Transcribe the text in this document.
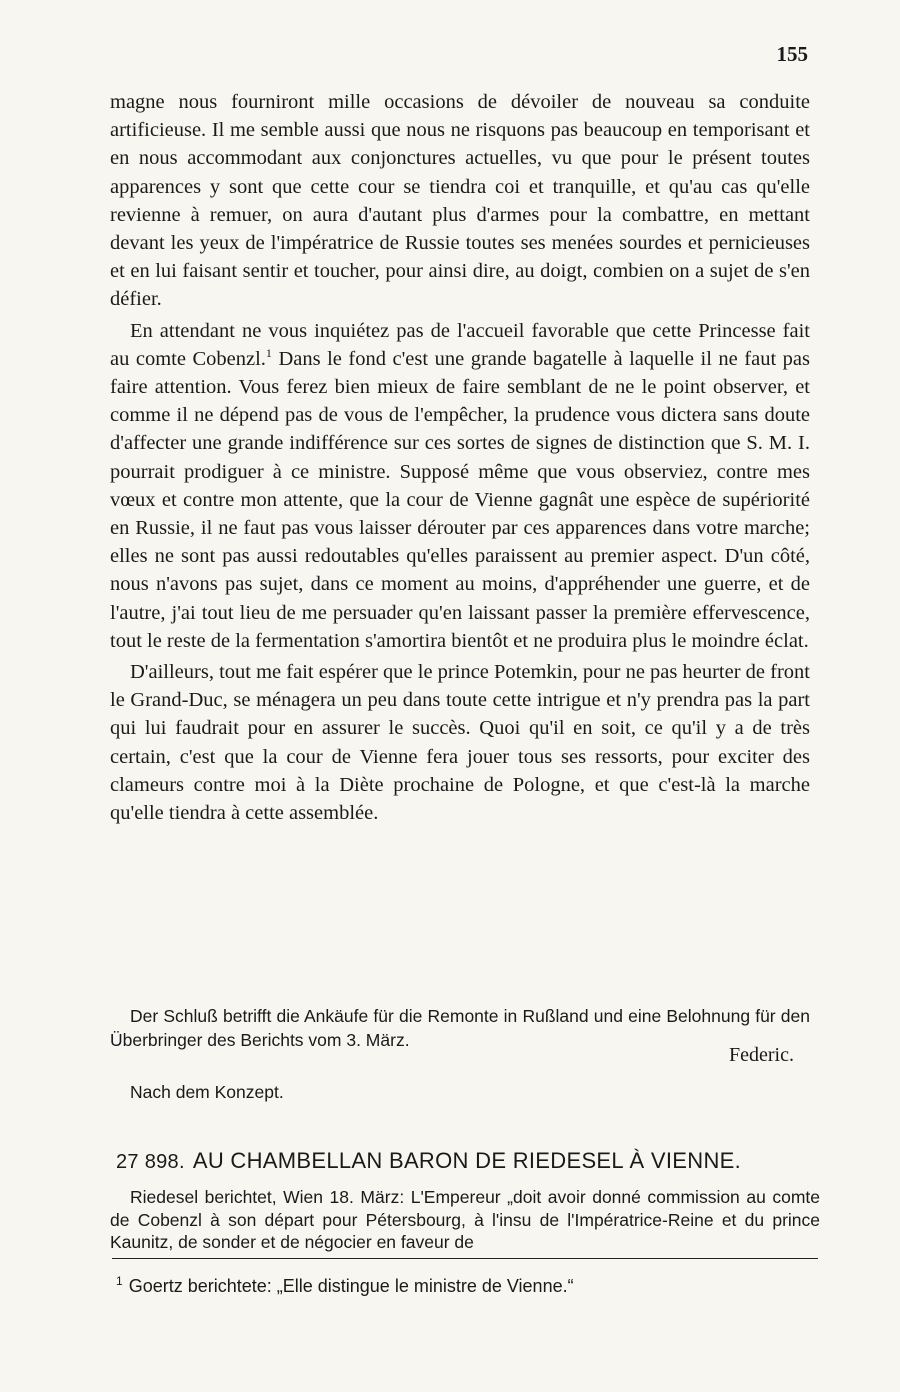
155

magne nous fourniront mille occasions de dévoiler de nouveau sa conduite artificieuse. Il me semble aussi que nous ne risquons pas beaucoup en temporisant et en nous accommodant aux conjonctures actuelles, vu que pour le présent toutes apparences y sont que cette cour se tiendra coi et tranquille, et qu'au cas qu'elle revienne à remuer, on aura d'autant plus d'armes pour la combattre, en mettant devant les yeux de l'impératrice de Russie toutes ses menées sourdes et pernicieuses et en lui faisant sentir et toucher, pour ainsi dire, au doigt, combien on a sujet de s'en défier.

En attendant ne vous inquiétez pas de l'accueil favorable que cette Princesse fait au comte Cobenzl.$^1$ Dans le fond c'est une grande bagatelle à laquelle il ne faut pas faire attention. Vous ferez bien mieux de faire semblant de ne le point observer, et comme il ne dépend pas de vous de l'empêcher, la prudence vous dictera sans doute d'affecter une grande indifférence sur ces sortes de signes de distinction que S. M. I. pourrait prodiguer à ce ministre. Supposé même que vous observiez, contre mes vœux et contre mon attente, que la cour de Vienne gagnât une espèce de supériorité en Russie, il ne faut pas vous laisser dérouter par ces apparences dans votre marche; elles ne sont pas aussi redoutables qu'elles paraissent au premier aspect. D'un côté, nous n'avons pas sujet, dans ce moment au moins, d'appréhender une guerre, et de l'autre, j'ai tout lieu de me persuader qu'en laissant passer la première effervescence, tout le reste de la fermentation s'amortira bientôt et ne produira plus le moindre éclat.

D'ailleurs, tout me fait espérer que le prince Potemkin, pour ne pas heurter de front le Grand-Duc, se ménagera un peu dans toute cette intrigue et n'y prendra pas la part qui lui faudrait pour en assurer le succès. Quoi qu'il en soit, ce qu'il y a de très certain, c'est que la cour de Vienne fera jouer tous ses ressorts, pour exciter des clameurs contre moi à la Diète prochaine de Pologne, et que c'est-là la marche qu'elle tiendra à cette assemblée.

Der Schluß betrifft die Ankäufe für die Remonte in Rußland und eine Belohnung für den Überbringer des Berichts vom 3. März.
Federic.
Nach dem Konzept.
27 898. AU CHAMBELLAN BARON DE RIEDESEL À VIENNE.
Riedesel berichtet, Wien 18. März: L'Empereur „doit avoir donné commission au comte de Cobenzl à son départ pour Pétersbourg, à l'insu de l'Impératrice-Reine et du prince Kaunitz, de sonder et de négocier en faveur de
$^1$ Goertz berichtete: „Elle distingue le ministre de Vienne.“
